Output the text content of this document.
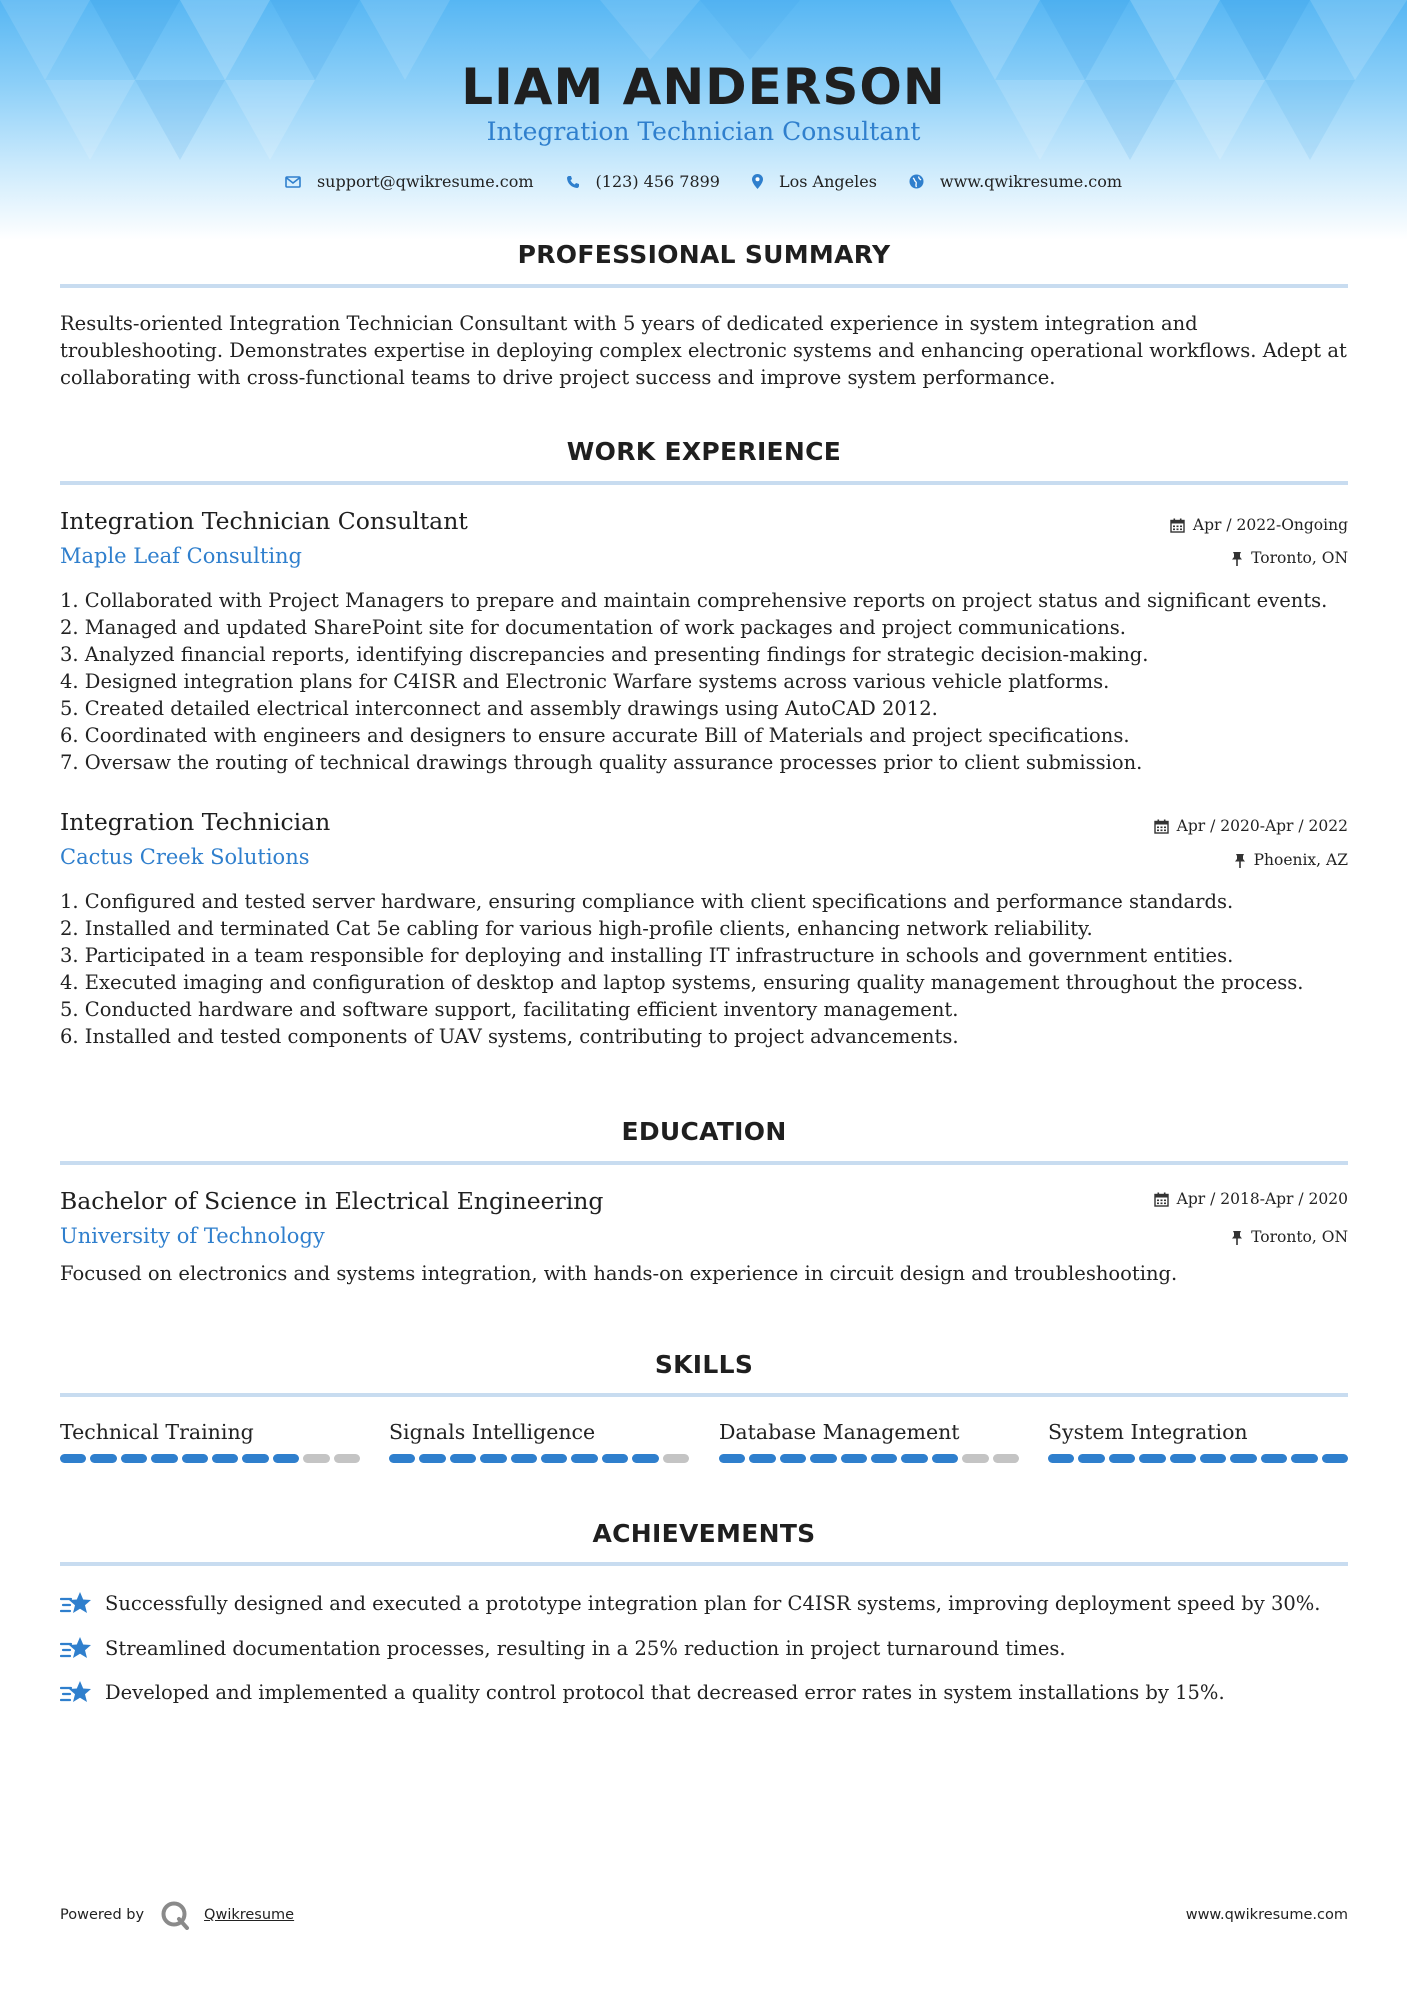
LIAM ANDERSON
Integration Technician Consultant
support@qwikresume.com	(123) 456 7899	Los Angeles	www.qwikresume.com
PROFESSIONAL SUMMARY

Results-oriented Integration Technician Consultant with 5 years of dedicated experience in system integration and troubleshooting. Demonstrates expertise in deploying complex electronic systems and enhancing operational workflows. Adept at collaborating with cross-functional teams to drive project success and improve system performance.

WORK EXPERIENCE
Integration Technician Consultant	Apr / 2022-Ongoing
Maple Leaf Consulting	Toronto, ON
1. Collaborated with Project Managers to prepare and maintain comprehensive reports on project status and significant events.
2. Managed and updated SharePoint site for documentation of work packages and project communications.
3. Analyzed financial reports, identifying discrepancies and presenting findings for strategic decision-making.
4. Designed integration plans for C4ISR and Electronic Warfare systems across various vehicle platforms.
5. Created detailed electrical interconnect and assembly drawings using AutoCAD 2012.
6. Coordinated with engineers and designers to ensure accurate Bill of Materials and project specifications.
7. Oversaw the routing of technical drawings through quality assurance processes prior to client submission.
Integration Technician	Apr / 2020-Apr / 2022
Cactus Creek Solutions	Phoenix, AZ
1. Configured and tested server hardware, ensuring compliance with client specifications and performance standards.
2. Installed and terminated Cat 5e cabling for various high-profile clients, enhancing network reliability.
3. Participated in a team responsible for deploying and installing IT infrastructure in schools and government entities.
4. Executed imaging and configuration of desktop and laptop systems, ensuring quality management throughout the process.
5. Conducted hardware and software support, facilitating efficient inventory management.
6. Installed and tested components of UAV systems, contributing to project advancements.
EDUCATION
Bachelor of Science in Electrical Engineering	Apr / 2018-Apr / 2020
University of Technology	Toronto, ON
Focused on electronics and systems integration, with hands-on experience in circuit design and troubleshooting.
SKILLS
Technical Training	Signals Intelligence	Database Management	System Integration
ACHIEVEMENTS
Successfully designed and executed a prototype integration plan for C4ISR systems, improving deployment speed by 30%.
Streamlined documentation processes, resulting in a 25% reduction in project turnaround times.
Developed and implemented a quality control protocol that decreased error rates in system installations by 15%.
Powered by	Qwikresume	www.qwikresume.com
